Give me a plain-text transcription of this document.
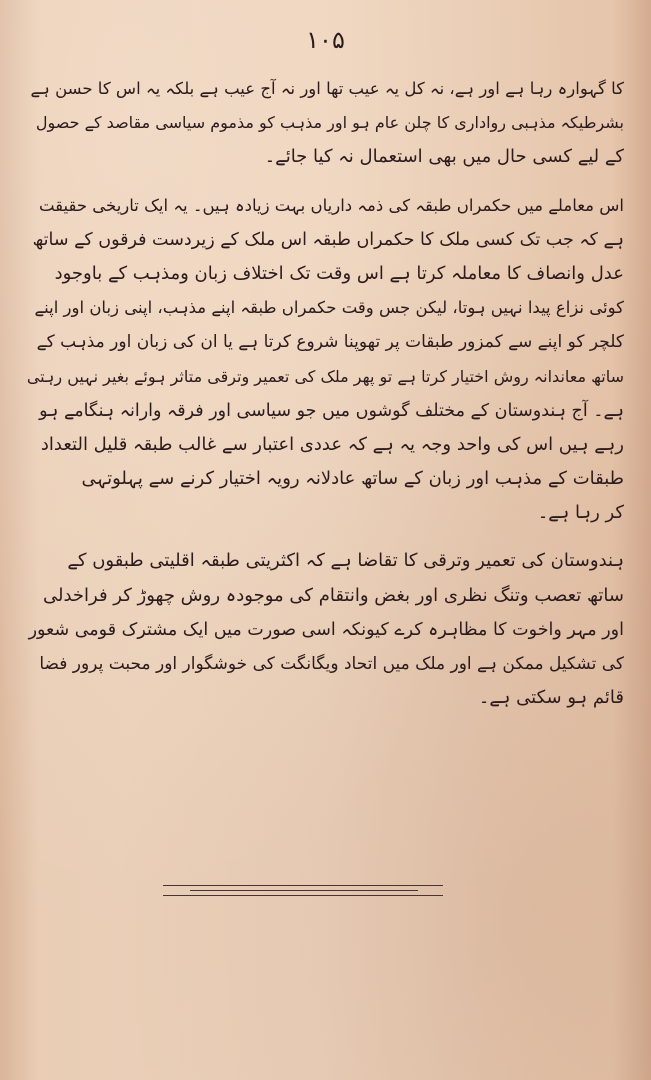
۱۰۵
کا گہوارہ رہا ہے اور ہے، نہ کل یہ عیب تھا اور نہ آج عیب ہے بلکہ یہ اس کا حسن ہے
بشرطیکہ مذہبی رواداری کا چلن عام ہو اور مذہب کو مذموم سیاسی مقاصد کے حصول
کے لیے کسی حال میں بھی استعمال نہ کیا جائے۔
اس معاملے میں حکمراں طبقہ کی ذمہ داریاں بہت زیادہ ہیں۔ یہ ایک تاریخی حقیقت
ہے کہ جب تک کسی ملک کا حکمراں طبقہ اس ملک کے زیردست فرقوں کے ساتھ
عدل وانصاف کا معاملہ کرتا ہے اس وقت تک اختلاف زبان ومذہب کے باوجود
کوئی نزاع پیدا نہیں ہوتا، لیکن جس وقت حکمراں طبقہ اپنے مذہب، اپنی زبان اور اپنے
کلچر کو اپنے سے کمزور طبقات پر تھوپنا شروع کرتا ہے یا ان کی زبان اور مذہب کے
ساتھ معاندانہ روش اختیار کرتا ہے تو پھر ملک کی تعمیر وترقی متاثر ہوئے بغیر نہیں رہتی
ہے۔ آج ہندوستان کے مختلف گوشوں میں جو سیاسی اور فرقہ وارانہ ہنگامے ہو
رہے ہیں اس کی واحد وجہ یہ ہے کہ عددی اعتبار سے غالب طبقہ قلیل التعداد
طبقات کے مذہب اور زبان کے ساتھ عادلانہ رویہ اختیار کرنے سے پہلوتہی
کر رہا ہے۔
ہندوستان کی تعمیر وترقی کا تقاضا ہے کہ اکثریتی طبقہ اقلیتی طبقوں کے
ساتھ تعصب وتنگ نظری اور بغض وانتقام کی موجودہ روش چھوڑ کر فراخدلی
اور مہر واخوت کا مظاہرہ کرے کیونکہ اسی صورت میں ایک مشترک قومی شعور
کی تشکیل ممکن ہے اور ملک میں اتحاد ویگانگت کی خوشگوار اور محبت پرور فضا
قائم ہو سکتی ہے۔
